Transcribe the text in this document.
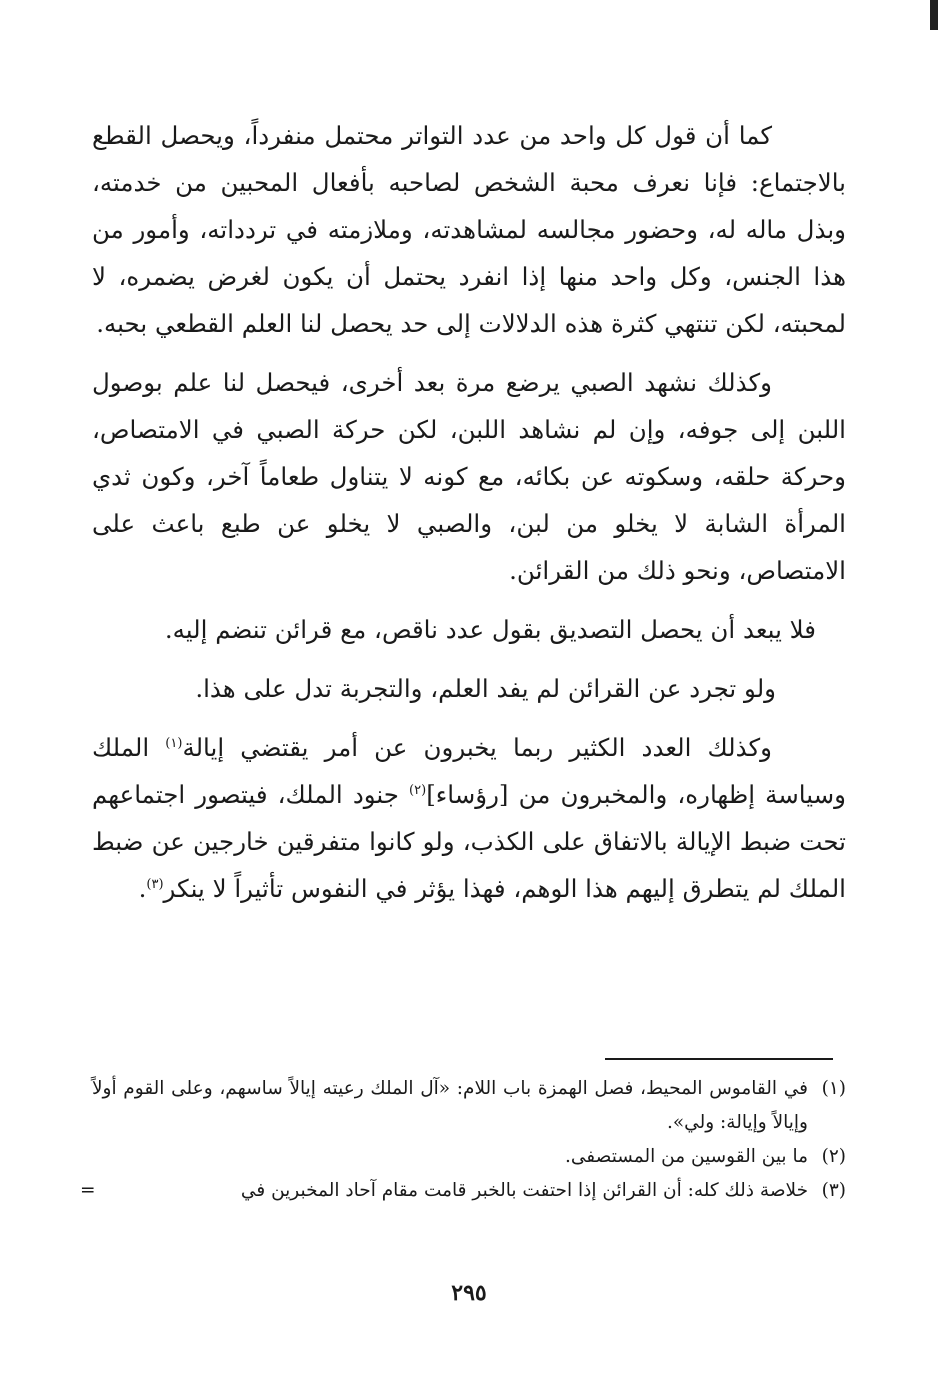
كما أن قول كل واحد من عدد التواتر محتمل منفرداً، ويحصل القطع بالاجتماع: فإنا نعرف محبة الشخص لصاحبه بأفعال المحبين من خدمته، وبذل ماله له، وحضور مجالسه لمشاهدته، وملازمته في تردداته، وأمور من هذا الجنس، وكل واحد منها إذا انفرد يحتمل أن يكون لغرض يضمره، لا لمحبته، لكن تنتهي كثرة هذه الدلالات إلى حد يحصل لنا العلم القطعي بحبه.

وكذلك نشهد الصبي يرضع مرة بعد أخرى، فيحصل لنا علم بوصول اللبن إلى جوفه، وإن لم نشاهد اللبن، لكن حركة الصبي في الامتصاص، وحركة حلقه، وسكوته عن بكائه، مع كونه لا يتناول طعاماً آخر، وكون ثدي المرأة الشابة لا يخلو من لبن، والصبي لا يخلو عن طبع باعث على الامتصاص، ونحو ذلك من القرائن.

فلا يبعد أن يحصل التصديق بقول عدد ناقص، مع قرائن تنضم إليه.

ولو تجرد عن القرائن لم يفد العلم، والتجربة تدل على هذا.

وكذلك العدد الكثير ربما يخبرون عن أمر يقتضي إيالة$^{(١)}$ الملك وسياسة إظهاره، والمخبرون من [رؤساء]$^{(٢)}$ جنود الملك، فيتصور اجتماعهم تحت ضبط الإيالة بالاتفاق على الكذب، ولو كانوا متفرقين خارجين عن ضبط الملك لم يتطرق إليهم هذا الوهم، فهذا يؤثر في النفوس تأثيراً لا ينكر$^{(٣)}$.

(١)
في القاموس المحيط، فصل الهمزة باب اللام: «آل الملك رعيته إيالاً ساسهم، وعلى القوم أولاً وإيالاً وإيالة: ولي».
(٢)
ما بين القوسين من المستصفى.
(٣)
خلاصة ذلك كله: أن القرائن إذا احتفت بالخبر قامت مقام آحاد المخبرين في
=
٢٩٥
